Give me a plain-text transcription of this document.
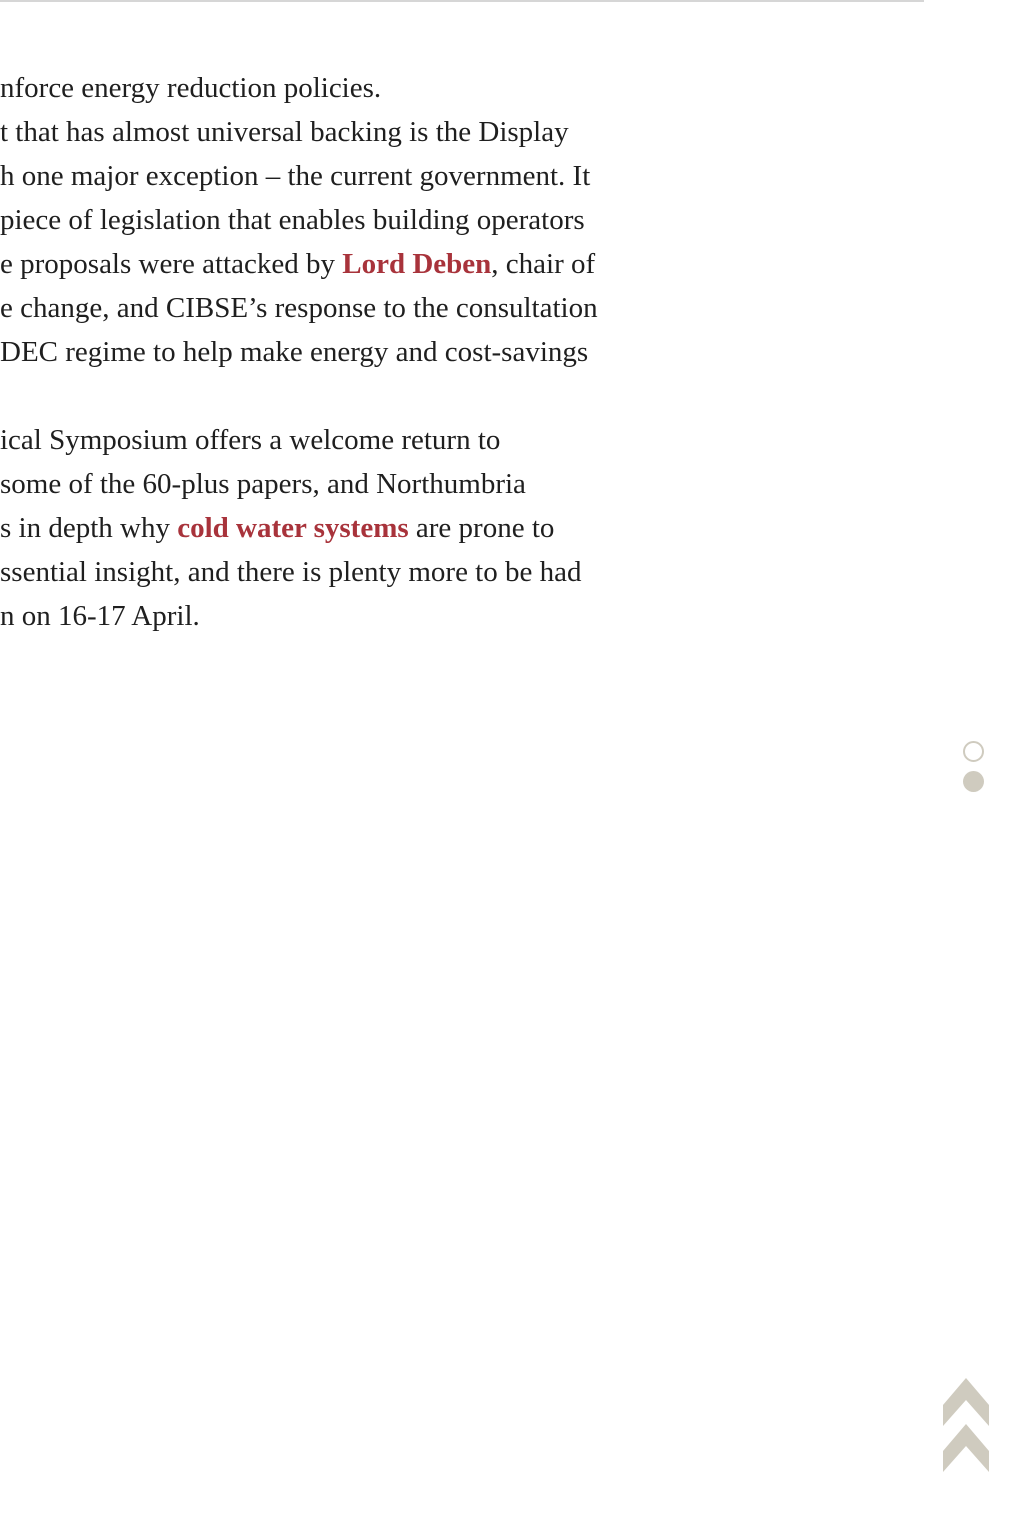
nforce energy reduction policies.
t that has almost universal backing is the Display
h one major exception – the current government. It
piece of legislation that enables building operators
e proposals were attacked by Lord Deben, chair of
e change, and CIBSE’s response to the consultation
DEC regime to help make energy and cost-savings
ical Symposium offers a welcome return to
some of the 60-plus papers, and Northumbria
s in depth why cold water systems are prone to
ssential insight, and there is plenty more to be had
n on 16-17 April.
